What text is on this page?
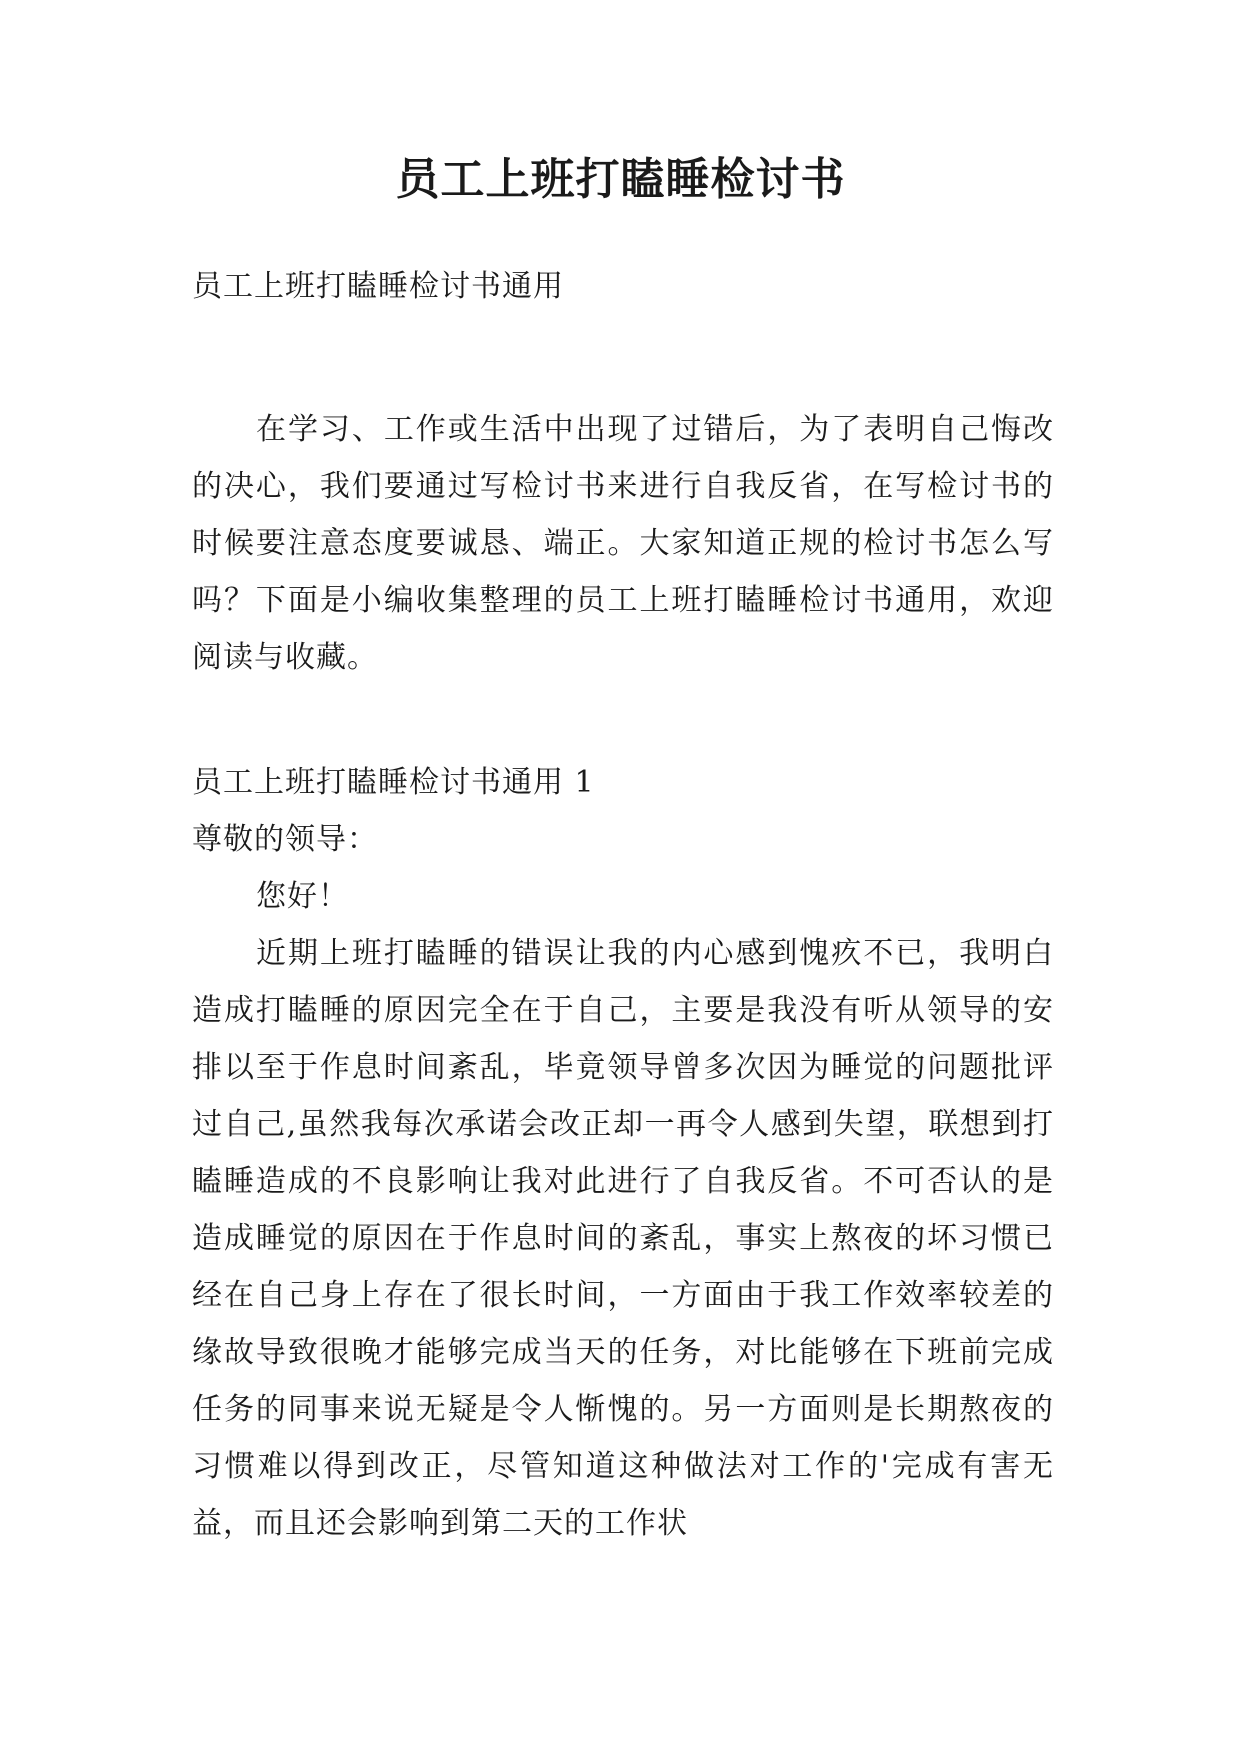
员工上班打瞌睡检讨书

员工上班打瞌睡检讨书通用

在学习、工作或生活中出现了过错后，为了表明自己悔改的决心，我们要通过写检讨书来进行自我反省，在写检讨书的时候要注意态度要诚恳、端正。大家知道正规的检讨书怎么写吗？下面是小编收集整理的员工上班打瞌睡检讨书通用，欢迎阅读与收藏。

员工上班打瞌睡检讨书通用 1

尊敬的领导：

您好！

近期上班打瞌睡的错误让我的内心感到愧疚不已，我明白造成打瞌睡的原因完全在于自己，主要是我没有听从领导的安排以至于作息时间紊乱，毕竟领导曾多次因为睡觉的问题批评过自己,虽然我每次承诺会改正却一再令人感到失望，联想到打瞌睡造成的不良影响让我对此进行了自我反省。不可否认的是造成睡觉的原因在于作息时间的紊乱，事实上熬夜的坏习惯已经在自己身上存在了很长时间，一方面由于我工作效率较差的缘故导致很晚才能够完成当天的任务，对比能够在下班前完成任务的同事来说无疑是令人惭愧的。另一方面则是长期熬夜的习惯难以得到改正，尽管知道这种做法对工作的'完成有害无益，而且还会影响到第二天的工作状
